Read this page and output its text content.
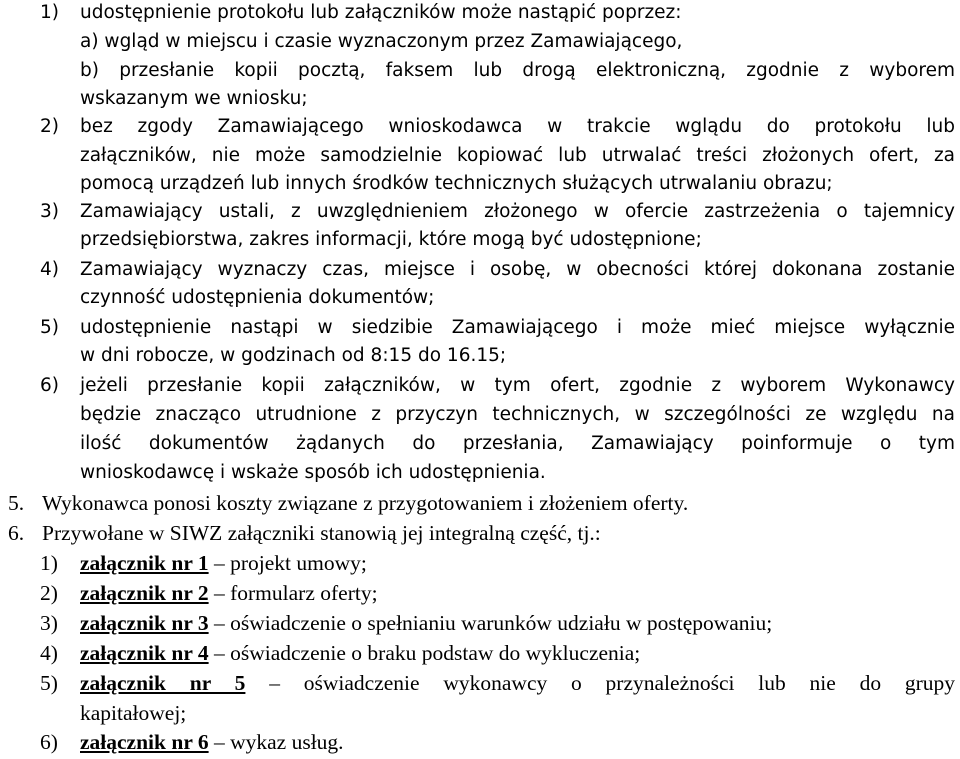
1) udostępnienie protokołu lub załączników może nastąpić poprzez:
a) wgląd w miejscu i czasie wyznaczonym przez Zamawiającego,
b) przesłanie kopii pocztą, faksem lub drogą elektroniczną, zgodnie z wyborem
wskazanym we wniosku;
2) bez zgody Zamawiającego wnioskodawca w trakcie wglądu do protokołu lub
załączników, nie może samodzielnie kopiować lub utrwalać treści złożonych ofert, za
pomocą urządzeń lub innych środków technicznych służących utrwalaniu obrazu;
3) Zamawiający ustali, z uwzględnieniem złożonego w ofercie zastrzeżenia o tajemnicy
przedsiębiorstwa, zakres informacji, które mogą być udostępnione;
4) Zamawiający wyznaczy czas, miejsce i osobę, w obecności której dokonana zostanie
czynność udostępnienia dokumentów;
5) udostępnienie nastąpi w siedzibie Zamawiającego i może mieć miejsce wyłącznie
w dni robocze, w godzinach od 8:15 do 16.15;
6) jeżeli przesłanie kopii załączników, w tym ofert, zgodnie z wyborem Wykonawcy
będzie znacząco utrudnione z przyczyn technicznych, w szczególności ze względu na
ilość dokumentów żądanych do przesłania, Zamawiający poinformuje o tym
wnioskodawcę i wskaże sposób ich udostępnienia.
5. Wykonawca ponosi koszty związane z przygotowaniem i złożeniem oferty.
6. Przywołane w SIWZ załączniki stanowią jej integralną część, tj.:
1) załącznik nr 1 – projekt umowy;
2) załącznik nr 2 – formularz oferty;
3) załącznik nr 3 – oświadczenie o spełnianiu warunków udziału w postępowaniu;
4) załącznik nr 4 – oświadczenie o braku podstaw do wykluczenia;
5) załącznik nr 5 – oświadczenie wykonawcy o przynależności lub nie do grupy
kapitałowej;
6) załącznik nr 6 – wykaz usług.
